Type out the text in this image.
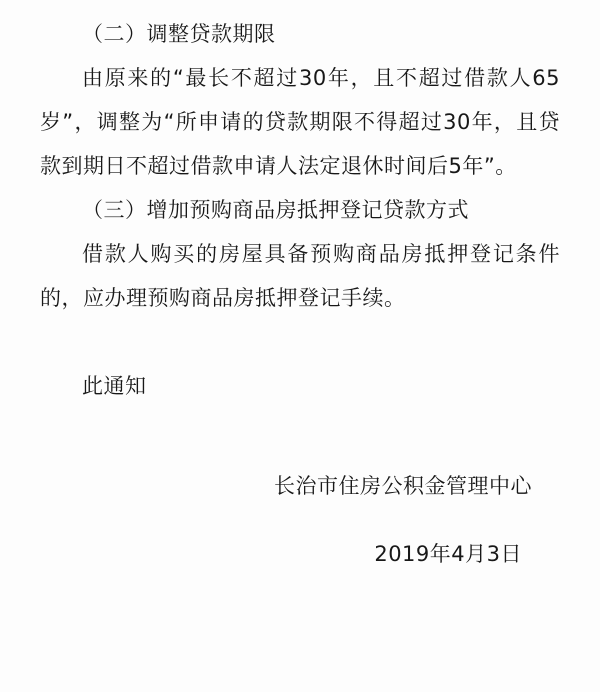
（二）调整贷款期限

由原来的“最长不超过30年，且不超过借款人65岁”，调整为“所申请的贷款期限不得超过30年，且贷款到期日不超过借款申请人法定退休时间后5年”。

（三）增加预购商品房抵押登记贷款方式

借款人购买的房屋具备预购商品房抵押登记条件的，应办理预购商品房抵押登记手续。

此通知

长治市住房公积金管理中心

2019年4月3日
